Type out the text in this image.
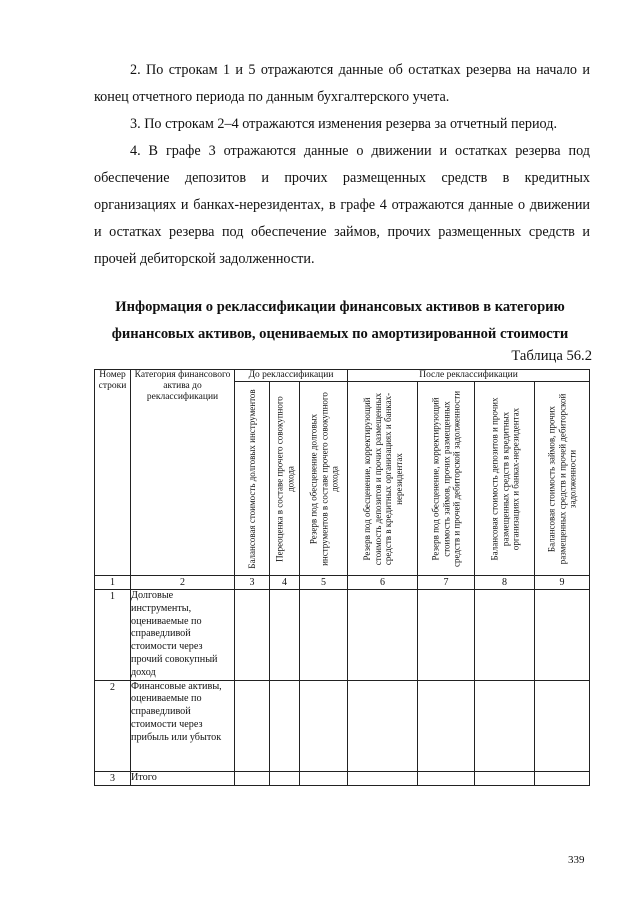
2. По строкам 1 и 5 отражаются данные об остатках резерва на начало и конец отчетного периода по данным бухгалтерского учета.

3. По строкам 2–4 отражаются изменения резерва за отчетный период.

4. В графе 3 отражаются данные о движении и остатках резерва под обеспечение депозитов и прочих размещенных средств в кредитных организациях и банках-нерезидентах, в графе 4 отражаются данные о движении и остатках резерва под обеспечение займов, прочих размещенных средств и прочей дебиторской задолженности.

Информация о реклассификации финансовых активов в категорию

финансовых активов, оцениваемых по амортизированной стоимости

Таблица 56.2
Номер строки	Категория финансового актива до реклассификации	До реклассификации			После реклассификации			

		Балансовая стоимость долговых инструментов	Переоценка в составе прочего совокупного дохода	Резерв под обесценение долговых инструментов в составе прочего совокупного дохода	Резерв под обесценение, корректирующий стоимость депозитов и прочих размещенных средств в кредитных организациях и банках-нерезидентах	Резерв под обесценение, корректирующий стоимость займов, прочих размещенных средств и прочей дебиторской задолженности	Балансовая стоимость депозитов и прочих размещенных средств в кредитных организациях и банках-нерезидентах	Балансовая стоимость займов, прочих размещенных средств и прочей дебиторской задолженности

1	2	3	4	5	6	7	8	9
1	Долговые инструменты, оцениваемые по справедливой стоимости через прочий совокупный доход							
2	Финансовые активы, оцениваемые по справедливой стоимости через прибыль или убыток							
3	Итого							
339
